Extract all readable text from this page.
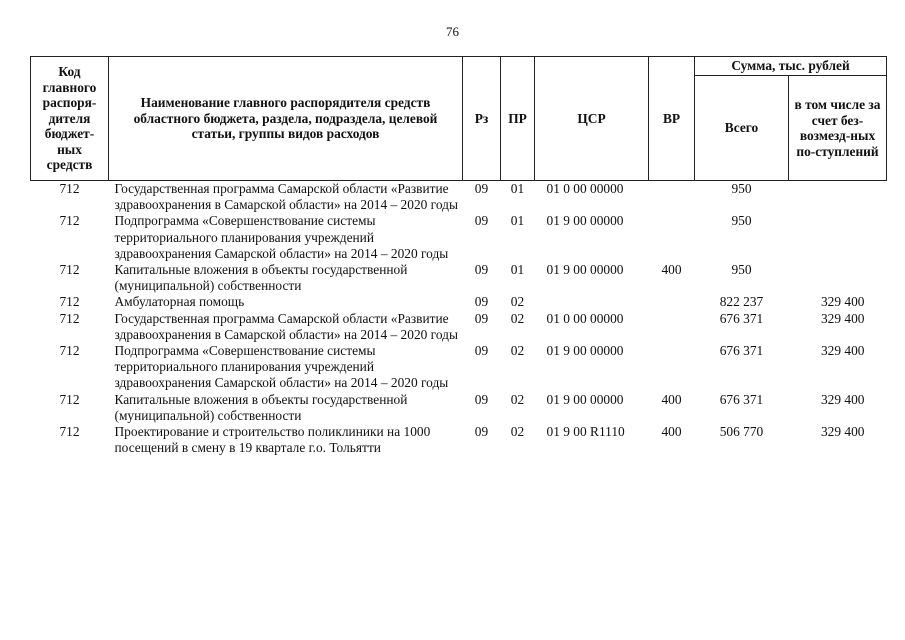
76
Код главного распоря-дителя бюджет-ных средств	Наименование главного распорядителя средств областного бюджета, раздела, подраздела, целевой статьи, группы видов расходов	Рз	ПР	ЦСР	ВР	Сумма, тыс. рублей	
						Всего	в том числе за счет без-возмезд-ных по-ступлений
712	Государственная программа Самарской области «Развитие здравоохранения в Самарской области» на 2014 – 2020 годы	09	01	01 0 00 00000		950	
712	Подпрограмма «Совершенствование системы территориального планирования учреждений здравоохранения Самарской области» на 2014 – 2020 годы	09	01	01 9 00 00000		950	
712	Капитальные вложения в объекты государственной (муниципальной) собственности	09	01	01 9 00 00000	400	950	
712	Амбулаторная помощь	09	02			822 237	329 400
712	Государственная программа Самарской области «Развитие здравоохранения в Самарской области» на 2014 – 2020 годы	09	02	01 0 00 00000		676 371	329 400
712	Подпрограмма «Совершенствование системы территориального планирования учреждений здравоохранения Самарской области» на 2014 – 2020 годы	09	02	01 9 00 00000		676 371	329 400
712	Капитальные вложения в объекты государственной (муниципальной) собственности	09	02	01 9 00 00000	400	676 371	329 400
712	Проектирование и строительство поликлиники на 1000 посещений в смену в 19 квартале г.о. Тольятти	09	02	01 9 00 R1110	400	506 770	329 400
